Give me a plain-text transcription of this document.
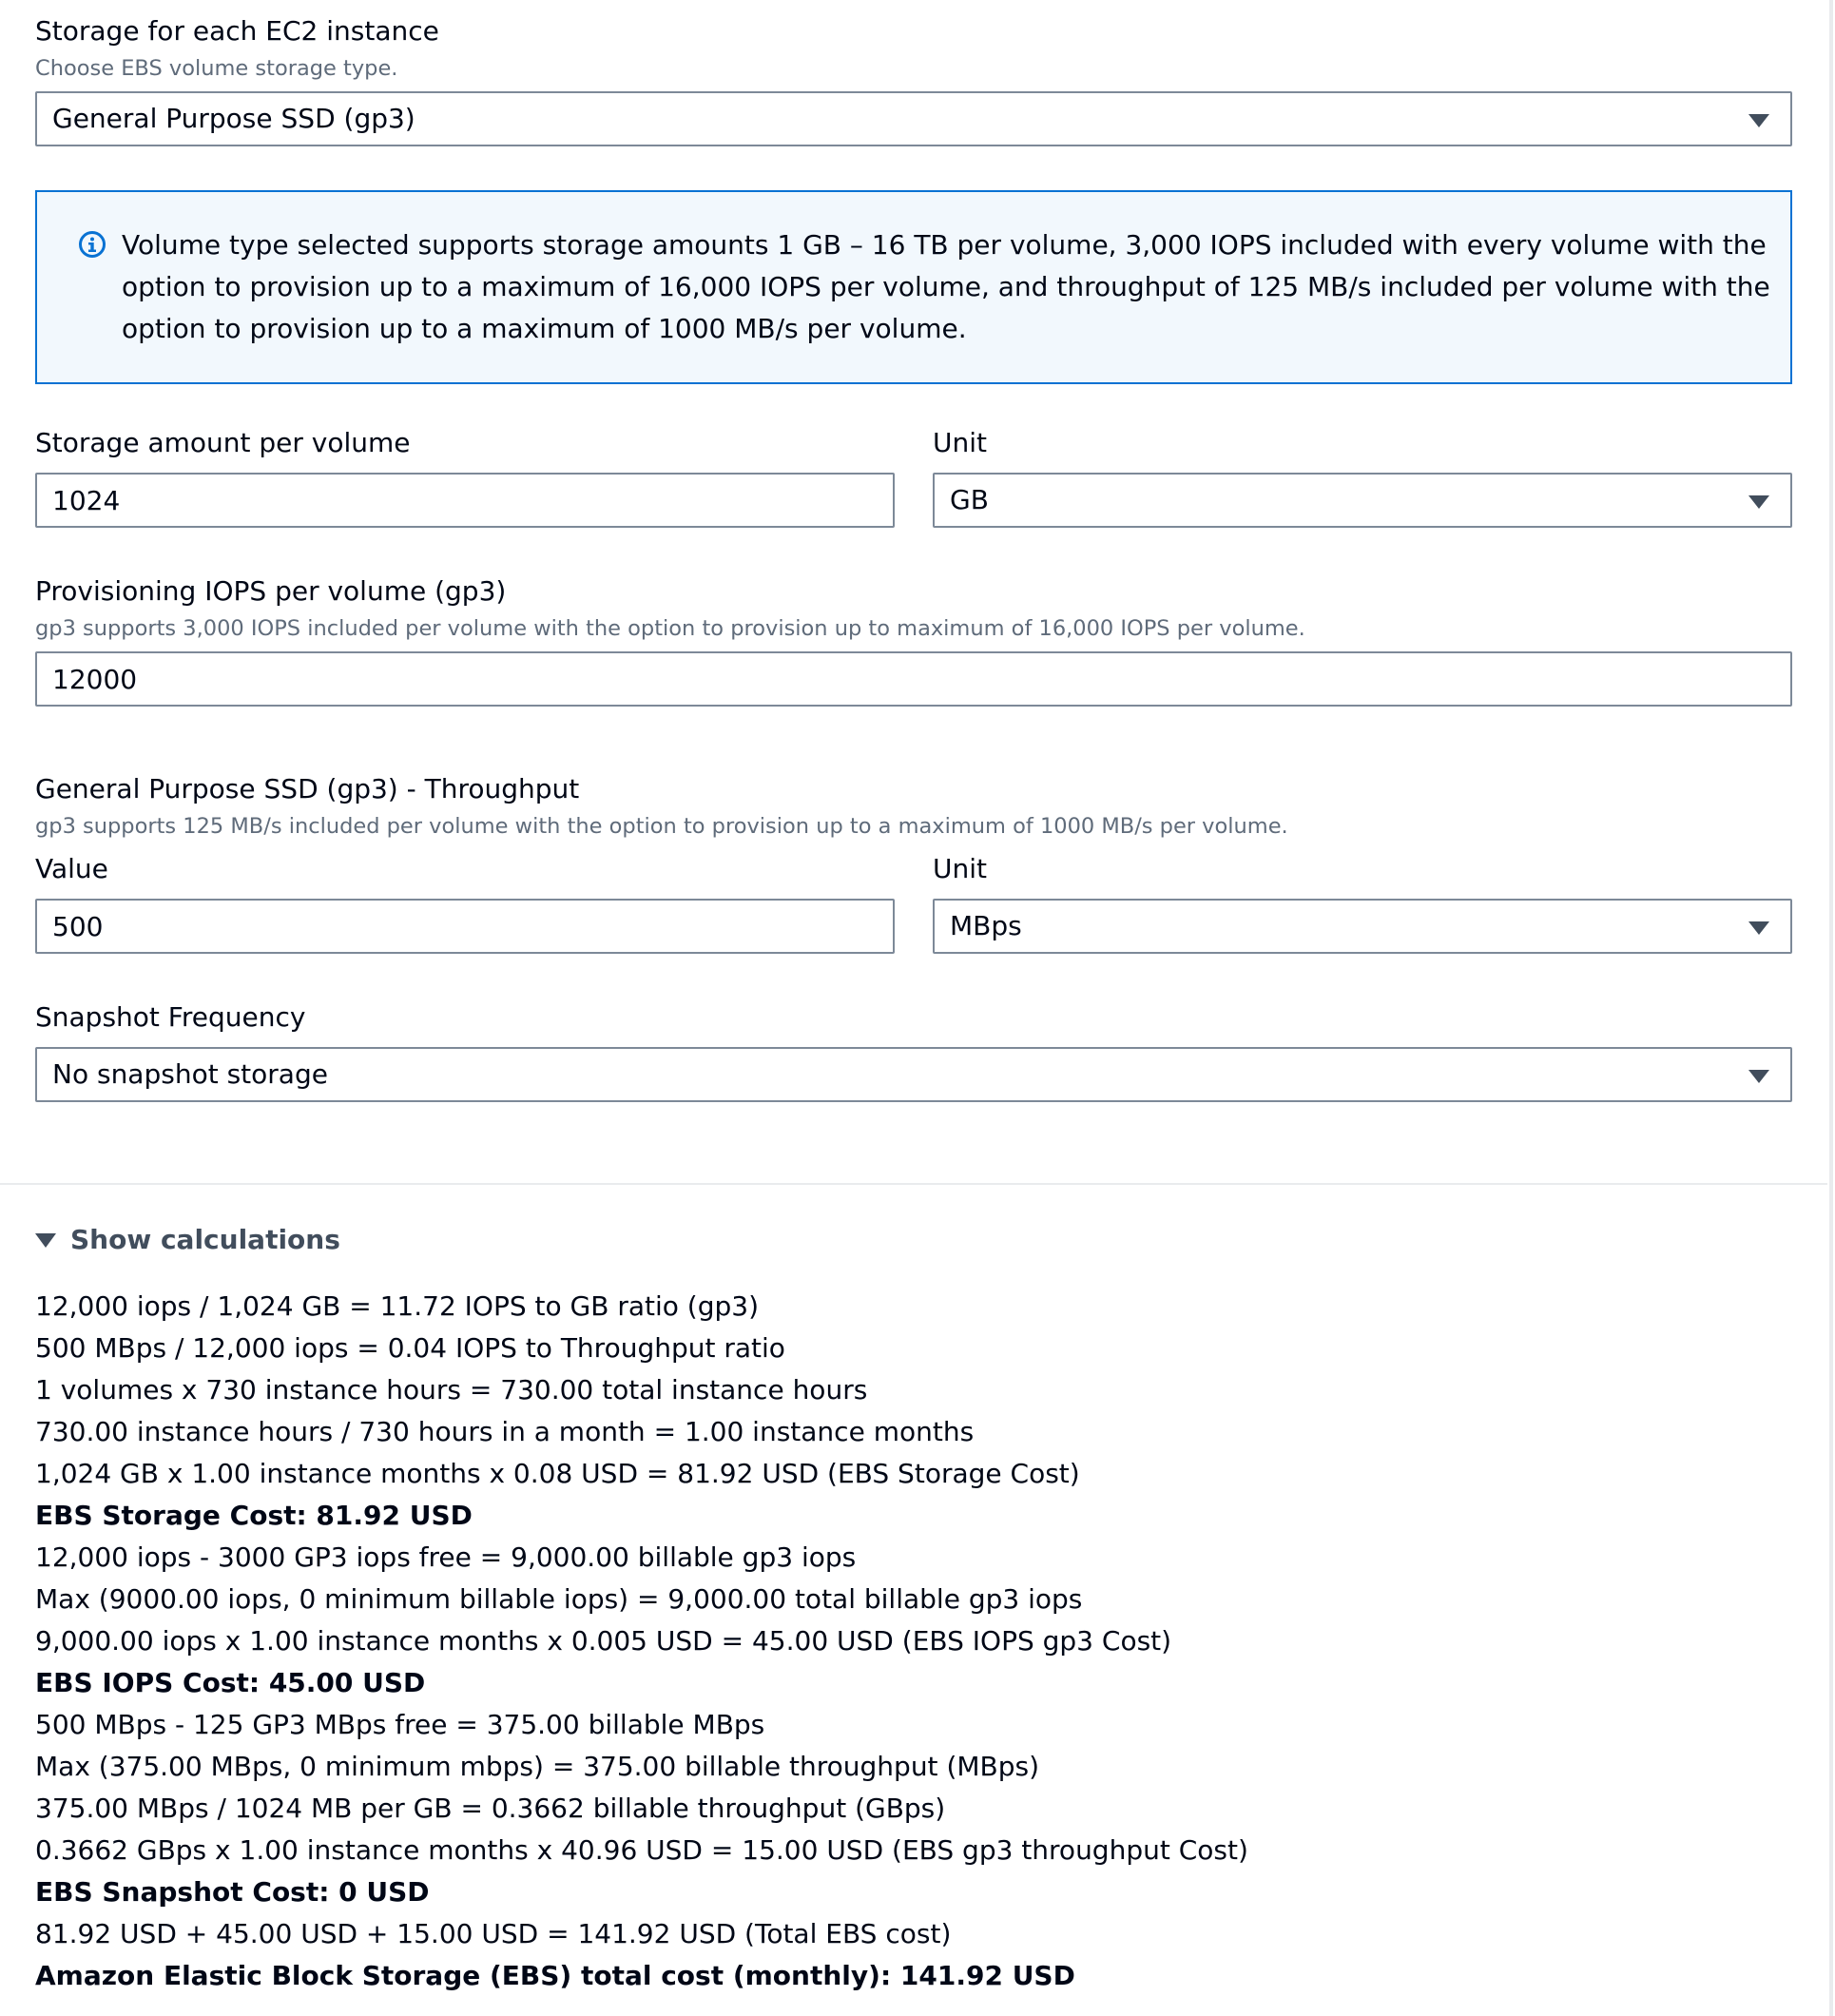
Storage for each EC2 instance
Choose EBS volume storage type.
General Purpose SSD (gp3)
Volume type selected supports storage amounts 1 GB – 16 TB per volume, 3,000 IOPS included with every volume with the option to provision up to a maximum of 16,000 IOPS per volume, and throughput of 125 MB/s included per volume with the option to provision up to a maximum of 1000 MB/s per volume.
Storage amount per volume
1024	Unit
GB
Provisioning IOPS per volume (gp3)
gp3 supports 3,000 IOPS included per volume with the option to provision up to maximum of 16,000 IOPS per volume.
12000
General Purpose SSD (gp3) - Throughput
gp3 supports 125 MB/s included per volume with the option to provision up to a maximum of 1000 MB/s per volume.
Value
500	Unit
MBps
Snapshot Frequency
No snapshot storage
Show calculations
12,000 iops / 1,024 GB = 11.72 IOPS to GB ratio (gp3)
500 MBps / 12,000 iops = 0.04 IOPS to Throughput ratio
1 volumes x 730 instance hours = 730.00 total instance hours
730.00 instance hours / 730 hours in a month = 1.00 instance months
1,024 GB x 1.00 instance months x 0.08 USD = 81.92 USD (EBS Storage Cost)
EBS Storage Cost: 81.92 USD
12,000 iops - 3000 GP3 iops free = 9,000.00 billable gp3 iops
Max (9000.00 iops, 0 minimum billable iops) = 9,000.00 total billable gp3 iops
9,000.00 iops x 1.00 instance months x 0.005 USD = 45.00 USD (EBS IOPS gp3 Cost)
EBS IOPS Cost: 45.00 USD
500 MBps - 125 GP3 MBps free = 375.00 billable MBps
Max (375.00 MBps, 0 minimum mbps) = 375.00 billable throughput (MBps)
375.00 MBps / 1024 MB per GB = 0.3662 billable throughput (GBps)
0.3662 GBps x 1.00 instance months x 40.96 USD = 15.00 USD (EBS gp3 throughput Cost)
EBS Snapshot Cost: 0 USD
81.92 USD + 45.00 USD + 15.00 USD = 141.92 USD (Total EBS cost)
Amazon Elastic Block Storage (EBS) total cost (monthly): 141.92 USD
